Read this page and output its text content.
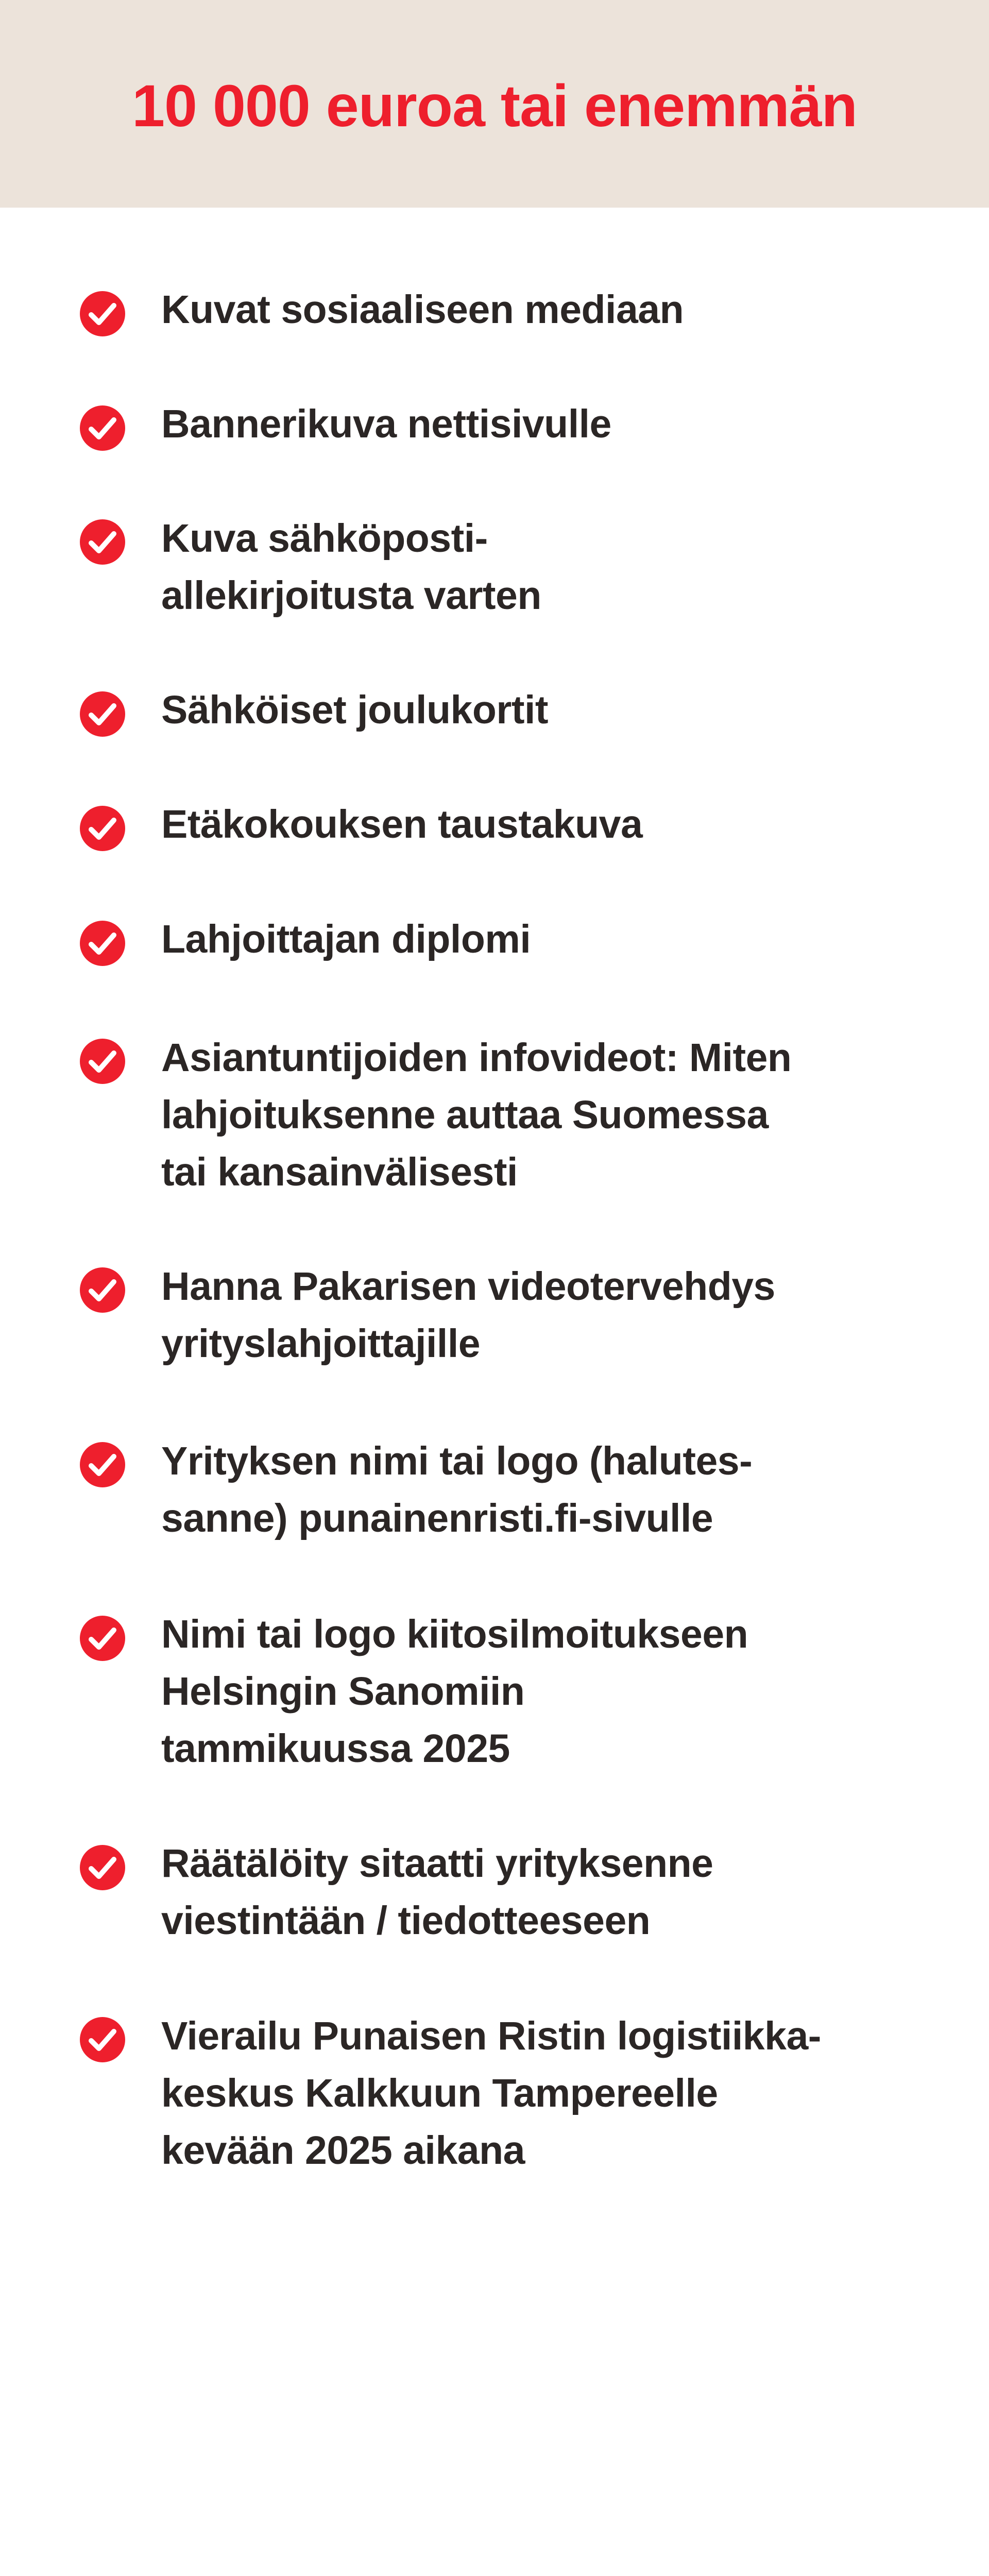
10 000 euroa tai enemmän

Kuvat sosiaaliseen mediaan

Bannerikuva nettisivulle

Kuva sähköposti-
allekirjoitusta varten

Sähköiset joulukortit

Etäkokouksen taustakuva

Lahjoittajan diplomi

Asiantuntijoiden infovideot: Miten
lahjoituksenne auttaa Suomessa
tai kansainvälisesti

Hanna Pakarisen videotervehdys
yrityslahjoittajille

Yrityksen nimi tai logo (halutes-
sanne) punainenristi.fi-sivulle

Nimi tai logo kiitosilmoitukseen
Helsingin Sanomiin
tammikuussa 2025

Räätälöity sitaatti yrityksenne
viestintään / tiedotteeseen

Vierailu Punaisen Ristin logistiikka-
keskus Kalkkuun Tampereelle
kevään 2025 aikana
